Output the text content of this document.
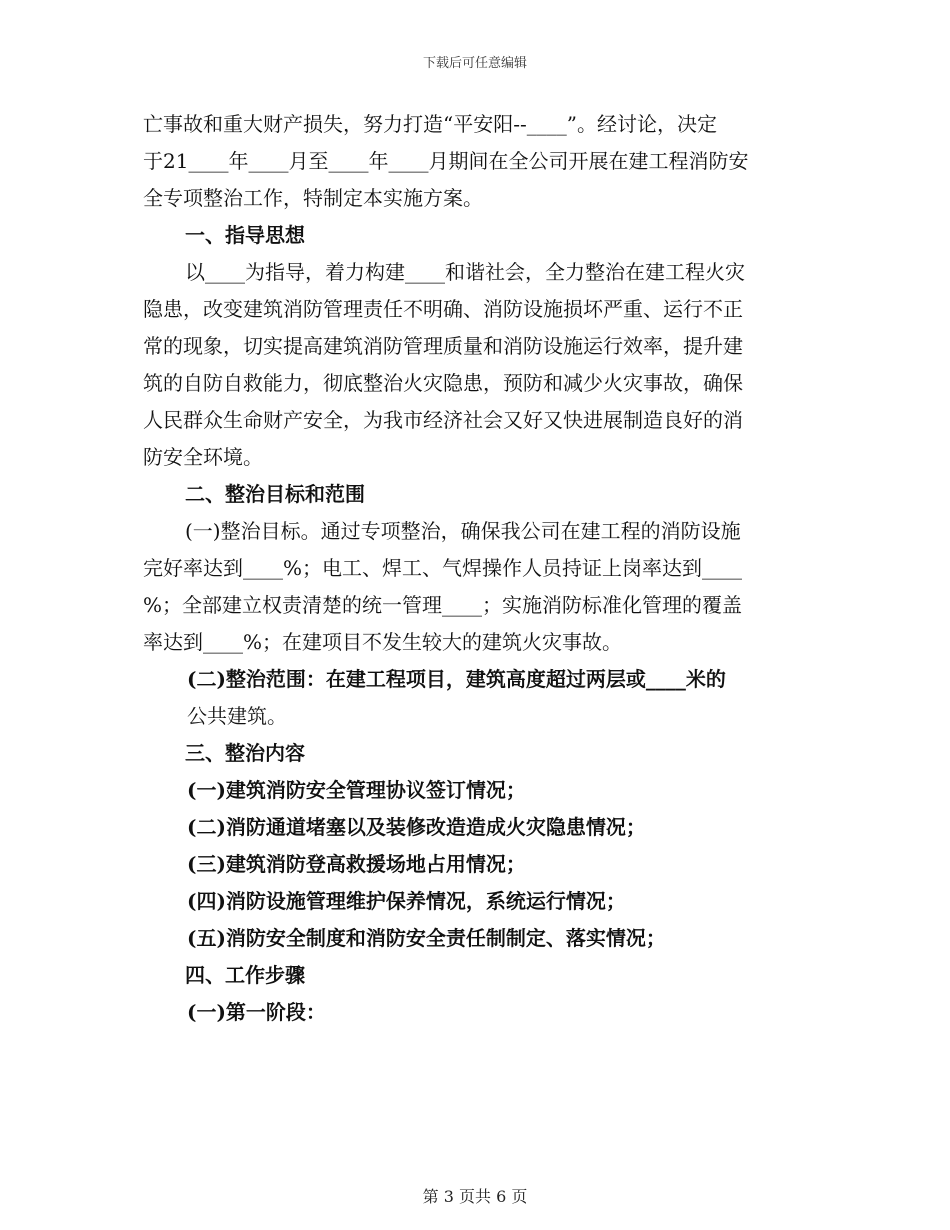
下载后可任意编辑
亡事故和重大财产损失，努力打造“平安阳--____”。经讨论，决定
于21____年____月至____年____月期间在全公司开展在建工程消防安
全专项整治工作，特制定本实施方案。
一、指导思想
以____为指导，着力构建____和谐社会，全力整治在建工程火灾
隐患，改变建筑消防管理责任不明确、消防设施损坏严重、运行不正
常的现象，切实提高建筑消防管理质量和消防设施运行效率，提升建
筑的自防自救能力，彻底整治火灾隐患，预防和减少火灾事故，确保
人民群众生命财产安全，为我市经济社会又好又快进展制造良好的消
防安全环境。
二、整治目标和范围
(一)整治目标。通过专项整治，确保我公司在建工程的消防设施
完好率达到____%；电工、焊工、气焊操作人员持证上岗率达到____
%；全部建立权责清楚的统一管理____；实施消防标准化管理的覆盖
率达到____%；在建项目不发生较大的建筑火灾事故。
(二)整治范围：在建工程项目，建筑高度超过两层或____米的
公共建筑。
三、整治内容
(一)建筑消防安全管理协议签订情况；
(二)消防通道堵塞以及装修改造造成火灾隐患情况；
(三)建筑消防登高救援场地占用情况；
(四)消防设施管理维护保养情况，系统运行情况；
(五)消防安全制度和消防安全责任制制定、落实情况；
四、工作步骤
(一)第一阶段：
第 3 页共 6 页
